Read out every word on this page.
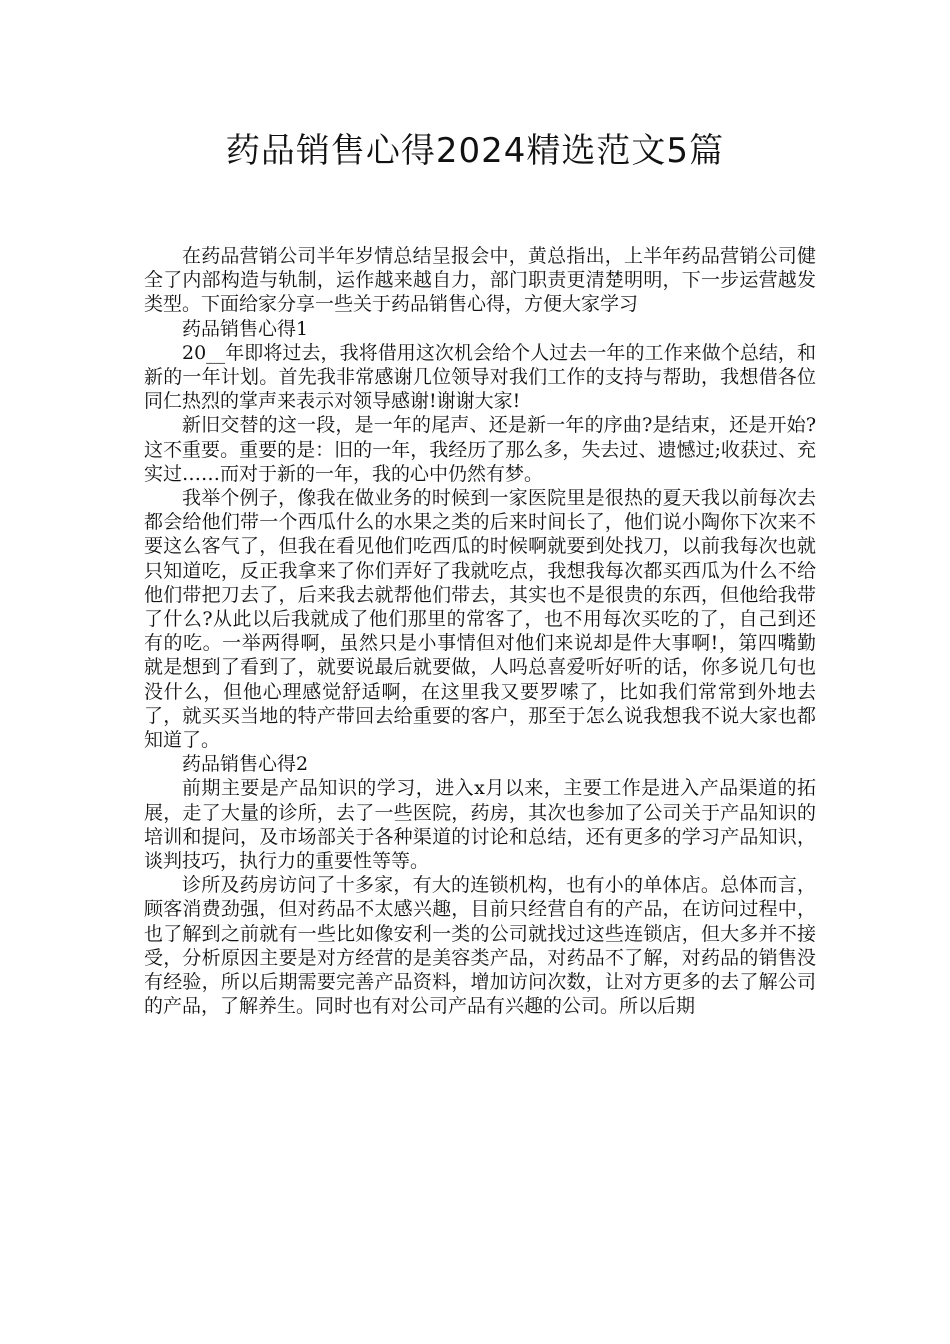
药品销售心得2024精选范文5篇

在药品营销公司半年岁情总结呈报会中，黄总指出，上半年药品营销公司健全了内部构造与轨制，运作越来越自力，部门职责更清楚明明，下一步运营越发类型。下面给家分享一些关于药品销售心得，方便大家学习

药品销售心得1

20__年即将过去，我将借用这次机会给个人过去一年的工作来做个总结，和新的一年计划。首先我非常感谢几位领导对我们工作的支持与帮助，我想借各位同仁热烈的掌声来表示对领导感谢!谢谢大家!

新旧交替的这一段，是一年的尾声、还是新一年的序曲?是结束，还是开始?这不重要。重要的是：旧的一年，我经历了那么多，失去过、遗憾过;收获过、充实过……而对于新的一年，我的心中仍然有梦。

我举个例子，像我在做业务的时候到一家医院里是很热的夏天我以前每次去都会给他们带一个西瓜什么的水果之类的后来时间长了，他们说小陶你下次来不要这么客气了，但我在看见他们吃西瓜的时候啊就要到处找刀，以前我每次也就只知道吃，反正我拿来了你们弄好了我就吃点，我想我每次都买西瓜为什么不给他们带把刀去了，后来我去就帮他们带去，其实也不是很贵的东西，但他给我带了什么?从此以后我就成了他们那里的常客了，也不用每次买吃的了，自己到还有的吃。一举两得啊，虽然只是小事情但对他们来说却是件大事啊!，第四嘴勤就是想到了看到了，就要说最后就要做，人吗总喜爱听好听的话，你多说几句也没什么，但他心理感觉舒适啊，在这里我又要罗嗦了，比如我们常常到外地去了，就买买当地的特产带回去给重要的客户，那至于怎么说我想我不说大家也都知道了。

药品销售心得2

前期主要是产品知识的学习，进入x月以来，主要工作是进入产品渠道的拓展，走了大量的诊所，去了一些医院，药房，其次也参加了公司关于产品知识的培训和提问，及市场部关于各种渠道的讨论和总结，还有更多的学习产品知识，谈判技巧，执行力的重要性等等。

诊所及药房访问了十多家，有大的连锁机构，也有小的单体店。总体而言，顾客消费劲强，但对药品不太感兴趣，目前只经营自有的产品，在访问过程中，也了解到之前就有一些比如像安利一类的公司就找过这些连锁店，但大多并不接受，分析原因主要是对方经营的是美容类产品，对药品不了解，对药品的销售没有经验，所以后期需要完善产品资料，增加访问次数，让对方更多的去了解公司的产品，了解养生。同时也有对公司产品有兴趣的公司。所以后期
